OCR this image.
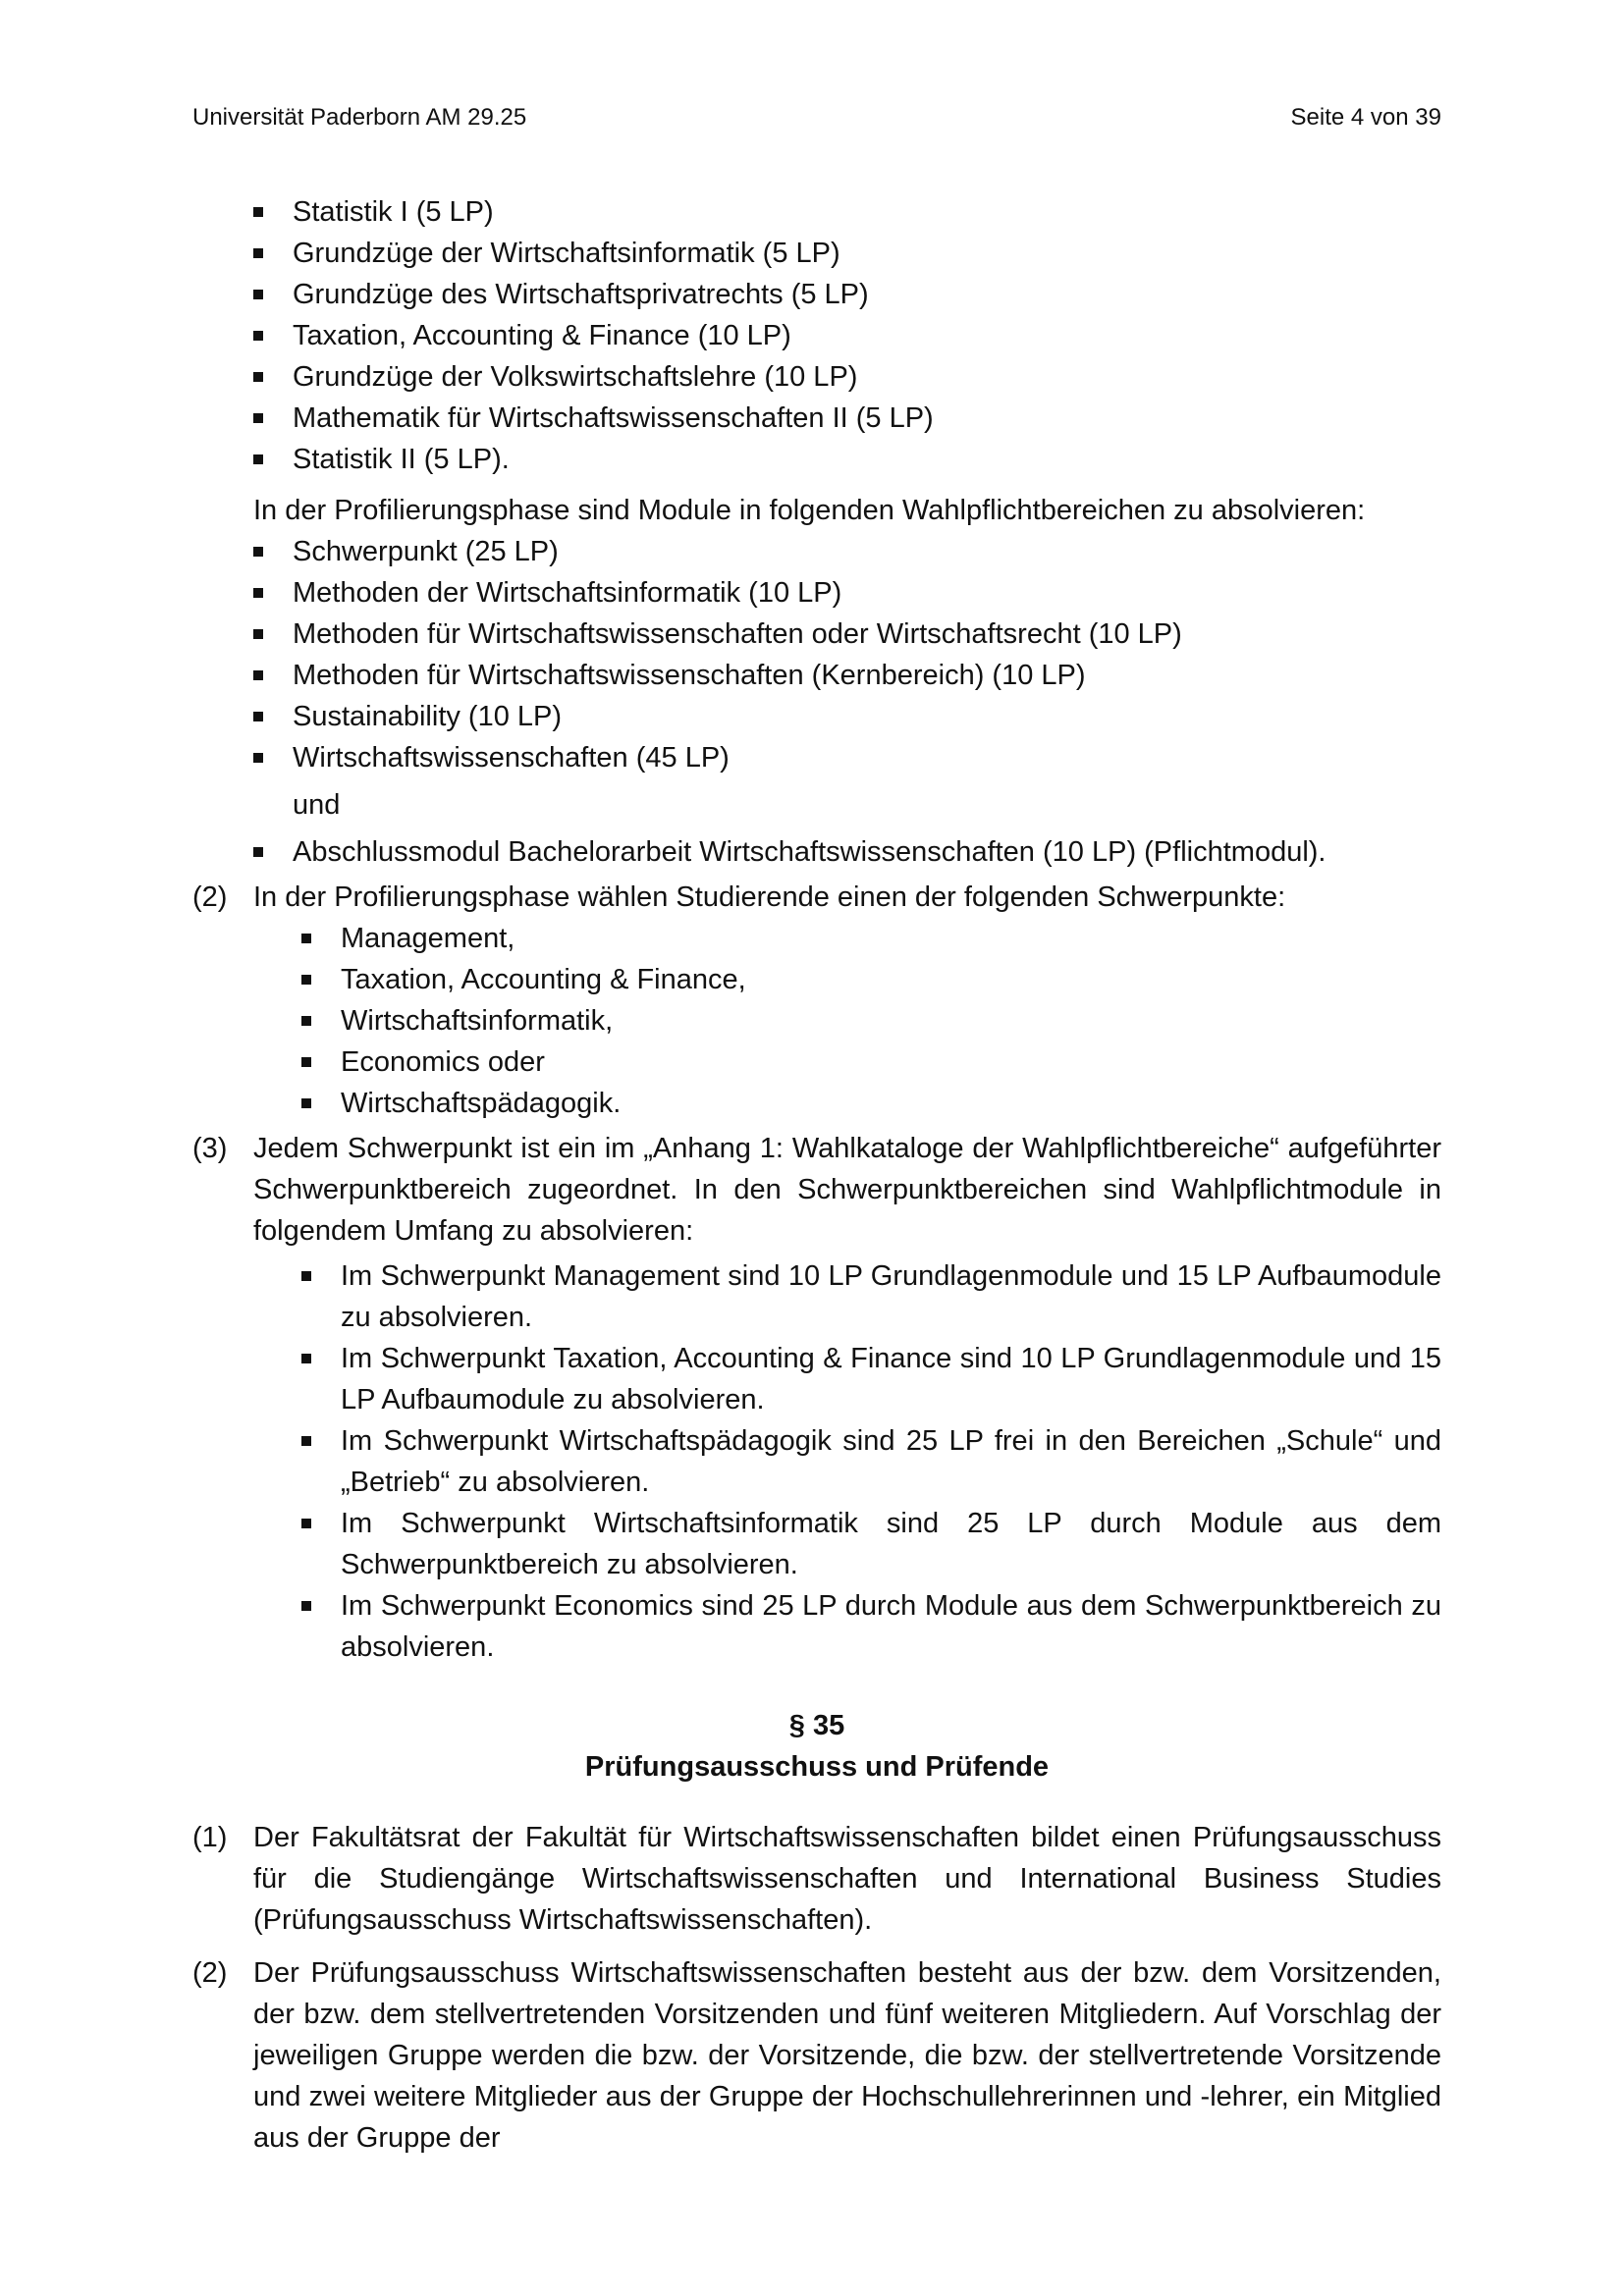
Universität Paderborn AM 29.25	Seite 4 von 39
Statistik I (5 LP)
Grundzüge der Wirtschaftsinformatik (5 LP)
Grundzüge des Wirtschaftsprivatrechts (5 LP)
Taxation, Accounting & Finance (10 LP)
Grundzüge der Volkswirtschaftslehre (10 LP)
Mathematik für Wirtschaftswissenschaften II (5 LP)
Statistik II (5 LP).
In der Profilierungsphase sind Module in folgenden Wahlpflichtbereichen zu absolvieren:
Schwerpunkt (25 LP)
Methoden der Wirtschaftsinformatik (10 LP)
Methoden für Wirtschaftswissenschaften oder Wirtschaftsrecht (10 LP)
Methoden für Wirtschaftswissenschaften (Kernbereich) (10 LP)
Sustainability (10 LP)
Wirtschaftswissenschaften (45 LP)
und
Abschlussmodul Bachelorarbeit Wirtschaftswissenschaften (10 LP) (Pflichtmodul).
(2) In der Profilierungsphase wählen Studierende einen der folgenden Schwerpunkte:
Management,
Taxation, Accounting & Finance,
Wirtschaftsinformatik,
Economics oder
Wirtschaftspädagogik.
(3) Jedem Schwerpunkt ist ein im „Anhang 1: Wahlkataloge der Wahlpflichtbereiche“ aufgeführter Schwerpunktbereich zugeordnet. In den Schwerpunktbereichen sind Wahlpflichtmodule in folgendem Umfang zu absolvieren:
Im Schwerpunkt Management sind 10 LP Grundlagenmodule und 15 LP Aufbaumodule zu absolvieren.
Im Schwerpunkt Taxation, Accounting & Finance sind 10 LP Grundlagenmodule und 15 LP Aufbaumodule zu absolvieren.
Im Schwerpunkt Wirtschaftspädagogik sind 25 LP frei in den Bereichen „Schule“ und „Betrieb“ zu absolvieren.
Im Schwerpunkt Wirtschaftsinformatik sind 25 LP durch Module aus dem Schwerpunktbereich zu absolvieren.
Im Schwerpunkt Economics sind 25 LP durch Module aus dem Schwerpunktbereich zu absolvieren.
§ 35
Prüfungsausschuss und Prüfende
(1) Der Fakultätsrat der Fakultät für Wirtschaftswissenschaften bildet einen Prüfungsausschuss für die Studiengänge Wirtschaftswissenschaften und International Business Studies (Prüfungsausschuss Wirtschaftswissenschaften).
(2) Der Prüfungsausschuss Wirtschaftswissenschaften besteht aus der bzw. dem Vorsitzenden, der bzw. dem stellvertretenden Vorsitzenden und fünf weiteren Mitgliedern. Auf Vorschlag der jeweiligen Gruppe werden die bzw. der Vorsitzende, die bzw. der stellvertretende Vorsitzende und zwei weitere Mitglieder aus der Gruppe der Hochschullehrerinnen und -lehrer, ein Mitglied aus der Gruppe der
